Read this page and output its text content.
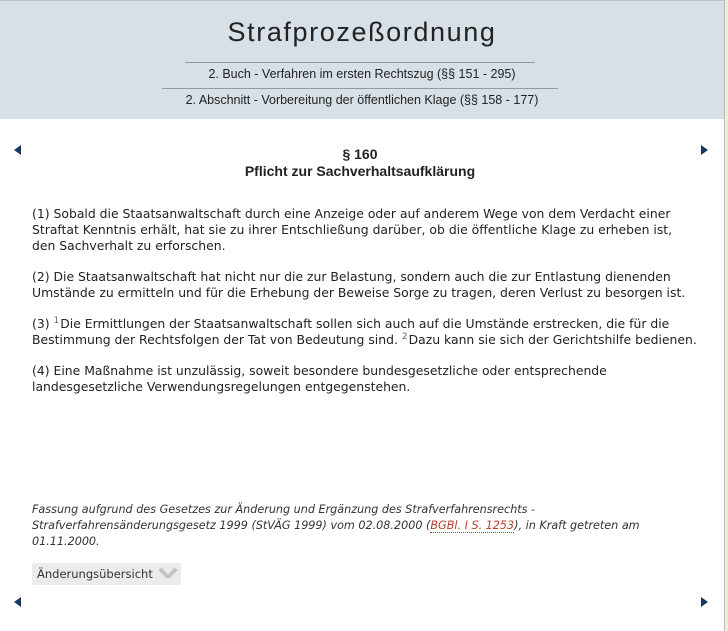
Strafprozeßordnung
2. Buch - Verfahren im ersten Rechtszug (§§ 151 - 295)
2. Abschnitt - Vorbereitung der öffentlichen Klage (§§ 158 - 177)
§ 160
Pflicht zur Sachverhaltsaufklärung

(1) Sobald die Staatsanwaltschaft durch eine Anzeige oder auf anderem Wege von dem Verdacht einer Straftat Kenntnis erhält, hat sie zu ihrer Entschließung darüber, ob die öffentliche Klage zu erheben ist, den Sachverhalt zu erforschen.

(2) Die Staatsanwaltschaft hat nicht nur die zur Belastung, sondern auch die zur Entlastung dienenden Umstände zu ermitteln und für die Erhebung der Beweise Sorge zu tragen, deren Verlust zu besorgen ist.

(3) $^1$Die Ermittlungen der Staatsanwaltschaft sollen sich auch auf die Umstände erstrecken, die für die Bestimmung der Rechtsfolgen der Tat von Bedeutung sind. $^2$Dazu kann sie sich der Gerichtshilfe bedienen.

(4) Eine Maßnahme ist unzulässig, soweit besondere bundesgesetzliche oder entsprechende landesgesetzliche Verwendungsregelungen entgegenstehen.

Fassung aufgrund des Gesetzes zur Änderung und Ergänzung des Strafverfahrensrechts - Strafverfahrensänderungsgesetz 1999 (StVÄG 1999) vom 02.08.2000 (BGBl. I S. 1253), in Kraft getreten am 01.11.2000.
Änderungsübersicht
